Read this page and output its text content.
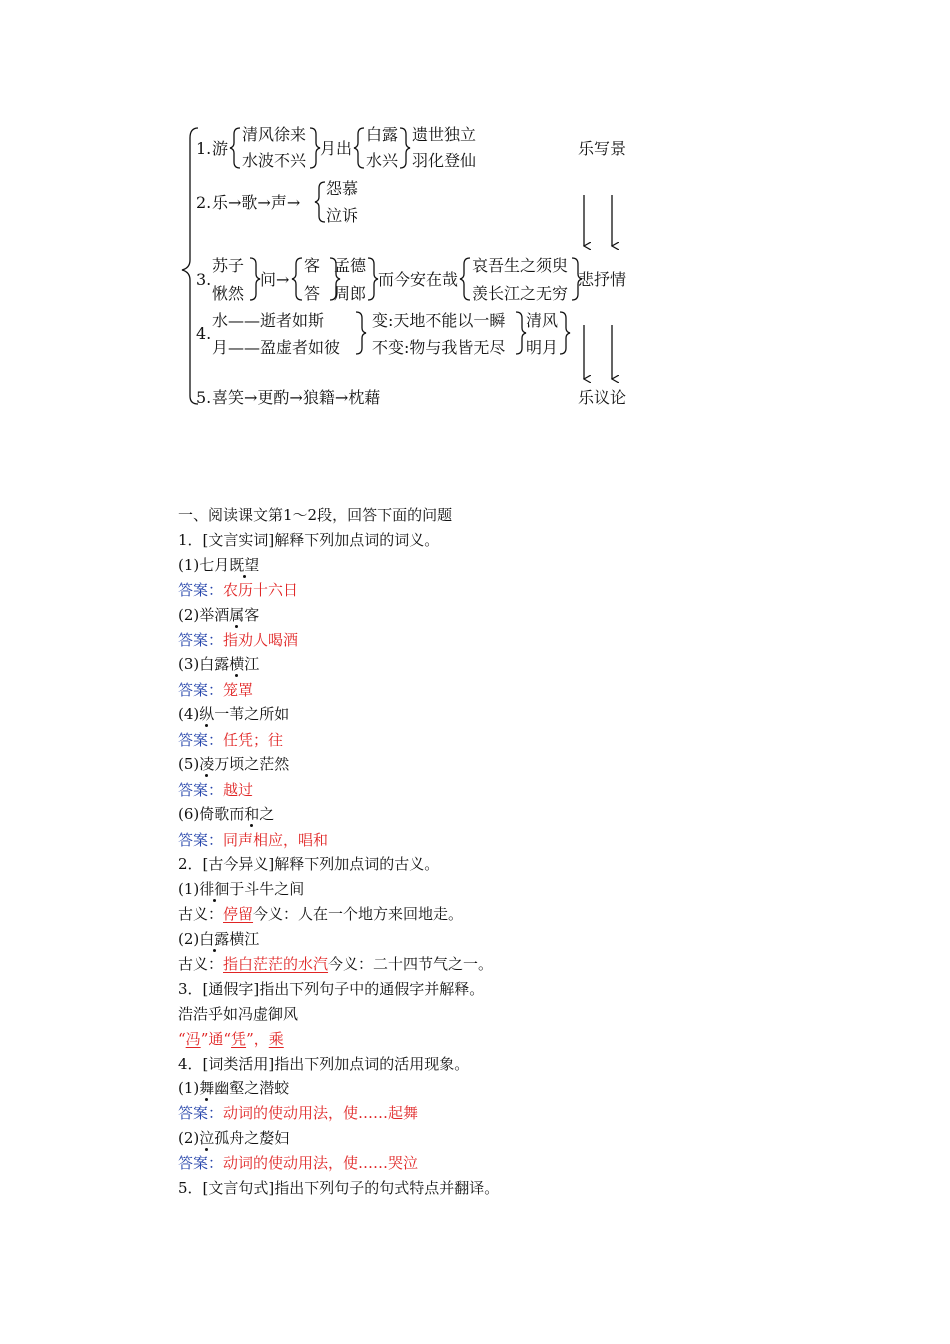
1. 游
清风徐来
水波不兴
月出
白露
水兴
遗世独立
羽化登仙
2. 乐→歌→声→
怨慕
泣诉
3.
苏子
愀然
问→
客
答
孟德
周郎
而今安在哉
哀吾生之须臾
羡长江之无穷
4.
水——逝者如斯
月——盈虚者如彼
变:天地不能以一瞬
不变:物与我皆无尽
清风
明月
5. 喜笑→更酌→狼籍→枕藉
乐写景
悲抒情
乐议论
一、阅读课文第1～2段，回答下面的问题
1．[文言实词]解释下列加点词的词义。
(1)七月既望
答案：农历十六日
(2)举酒属客
答案：指劝人喝酒
(3)白露横江
答案：笼罩
(4)纵一苇之所如
答案：任凭；往
(5)凌万顷之茫然
答案：越过
(6)倚歌而和之
答案：同声相应，唱和
2．[古今异义]解释下列加点词的古义。
(1)徘徊于斗牛之间
古义：停留今义：人在一个地方来回地走。
(2)白露横江
古义：指白茫茫的水汽今义：二十四节气之一。
3．[通假字]指出下列句子中的通假字并解释。
浩浩乎如冯虚御风
“冯”通“凭”，乘
4．[词类活用]指出下列加点词的活用现象。
(1)舞幽壑之潜蛟
答案：动词的使动用法，使……起舞
(2)泣孤舟之嫠妇
答案：动词的使动用法，使……哭泣
5．[文言句式]指出下列句子的句式特点并翻译。
